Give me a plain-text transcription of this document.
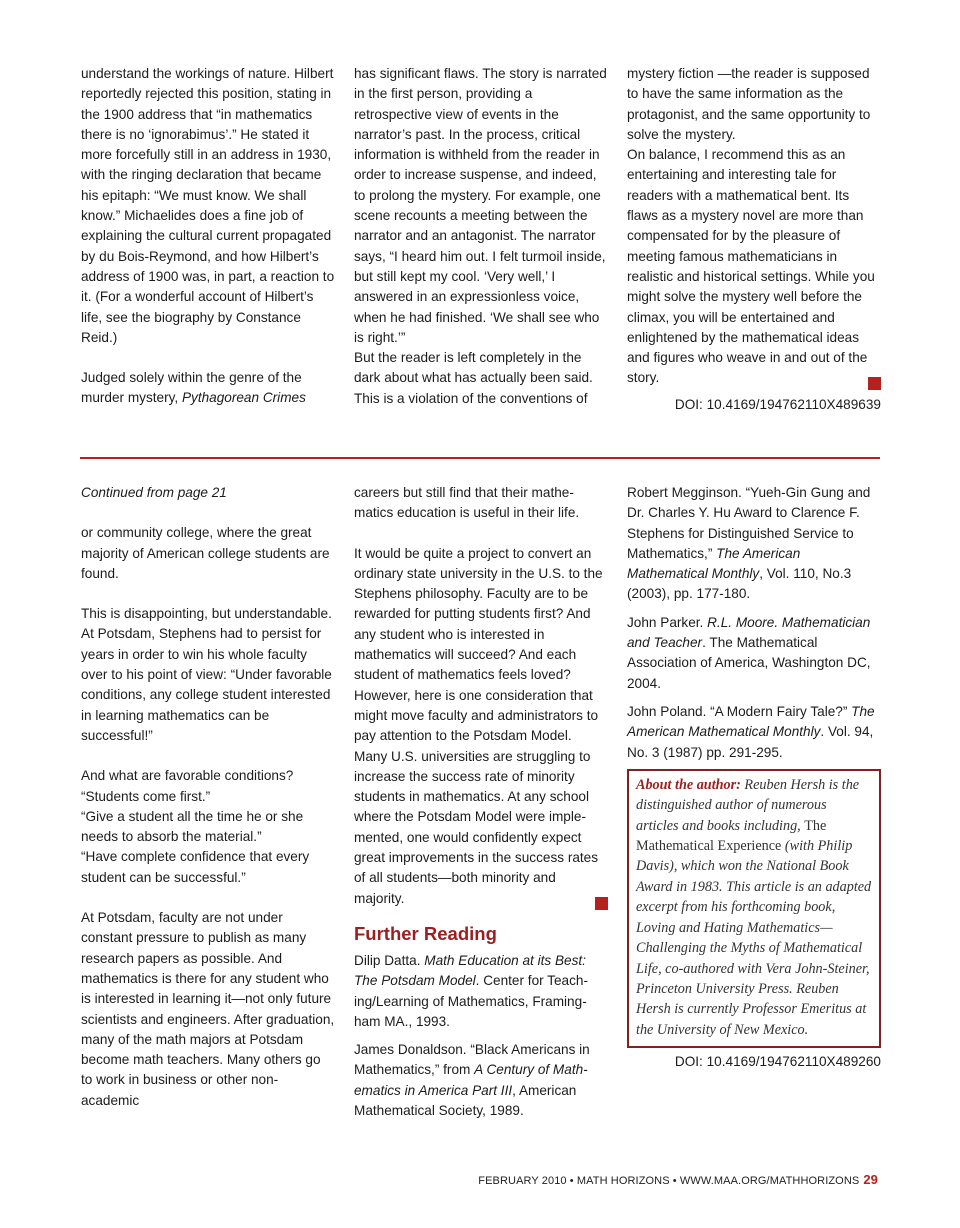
understand the workings of nature. Hilbert reportedly rejected this position, stating in the 1900 address that “in mathematics there is no ‘ignorabimus’.” He stated it more forcefully still in an address in 1930, with the ringing declaration that became his epitaph: “We must know. We shall know.” Michaelides does a fine job of explaining the cultural current propagated by du Bois-Reymond, and how Hilbert’s address of 1900 was, in part, a reaction to it. (For a wonderful account of Hilbert’s life, see the biography by Constance Reid.)

Judged solely within the genre of the murder mystery, Pythagorean Crimes

has significant flaws. The story is narrated in the first person, providing a retrospective view of events in the narrator’s past. In the process, critical information is withheld from the reader in order to increase suspense, and indeed, to prolong the mystery. For example, one scene recounts a meeting between the narrator and an antagonist. The narrator says, “I heard him out. I felt turmoil inside, but still kept my cool. ‘Very well,’ I answered in an expressionless voice, when he had finished. ‘We shall see who is right.’”

But the reader is left completely in the dark about what has actually been said. This is a violation of the conventions of

mystery fiction —the reader is supposed to have the same information as the protagonist, and the same opportunity to solve the mystery.

On balance, I recommend this as an entertaining and interesting tale for readers with a mathematical bent. Its flaws as a mystery novel are more than compensated for by the pleasure of meeting famous mathematicians in realistic and historical settings. While you might solve the mystery well before the climax, you will be entertained and enlightened by the mathematical ideas and figures who weave in and out of the story.

DOI: 10.4169/194762110X489639

Continued from page 21

or community college, where the great majority of American college students are found.

This is disappointing, but understandable. At Potsdam, Stephens had to persist for years in order to win his whole faculty over to his point of view: “Under favorable conditions, any college student interested in learning mathematics can be successful!”

And what are favorable conditions?

“Students come first.”

“Give a student all the time he or she needs to absorb the material.”

“Have complete confidence that every student can be successful.”

At Potsdam, faculty are not under constant pressure to publish as many research papers as possible. And mathematics is there for any student who is interested in learning it—not only future scientists and engineers. After graduation, many of the math majors at Potsdam become math teachers. Many others go to work in business or other non-academic

careers but still find that their mathematics education is useful in their life.

It would be quite a project to convert an ordinary state university in the U.S. to the Stephens philosophy. Faculty are to be rewarded for putting students first? And any student who is interested in mathematics will succeed? And each student of mathematics feels loved? However, here is one consideration that might move faculty and administrators to pay attention to the Potsdam Model. Many U.S. universities are struggling to increase the success rate of minority students in mathematics. At any school where the Potsdam Model were implemented, one would confidently expect great improvements in the success rates of all students—both minority and majority.

Further Reading

Dilip Datta. Math Education at its Best: The Potsdam Model. Center for Teaching/Learning of Mathematics, Framingham MA., 1993.

James Donaldson. “Black Americans in Mathematics,” from A Century of Mathematics in America Part III, American Mathematical Society, 1989.

Robert Megginson. “Yueh-Gin Gung and Dr. Charles Y. Hu Award to Clarence F. Stephens for Distinguished Service to Mathematics,” The American Mathematical Monthly, Vol. 110, No.3 (2003), pp. 177-180.

John Parker. R.L. Moore. Mathematician and Teacher. The Mathematical Association of America, Washington DC, 2004.

John Poland. “A Modern Fairy Tale?” The American Mathematical Monthly. Vol. 94, No. 3 (1987) pp. 291-295.

About the author: Reuben Hersh is the distinguished author of numerous articles and books including, The Mathematical Experience (with Philip Davis), which won the National Book Award in 1983. This article is an adapted excerpt from his forthcoming book, Loving and Hating Mathematics—Challenging the Myths of Mathematical Life, co-authored with Vera John-Steiner, Princeton University Press. Reuben Hersh is currently Professor Emeritus at the University of New Mexico.
DOI: 10.4169/194762110X489260
FEBRUARY 2010 • MATH HORIZONS • WWW.MAA.ORG/MATHHORIZONS 29
